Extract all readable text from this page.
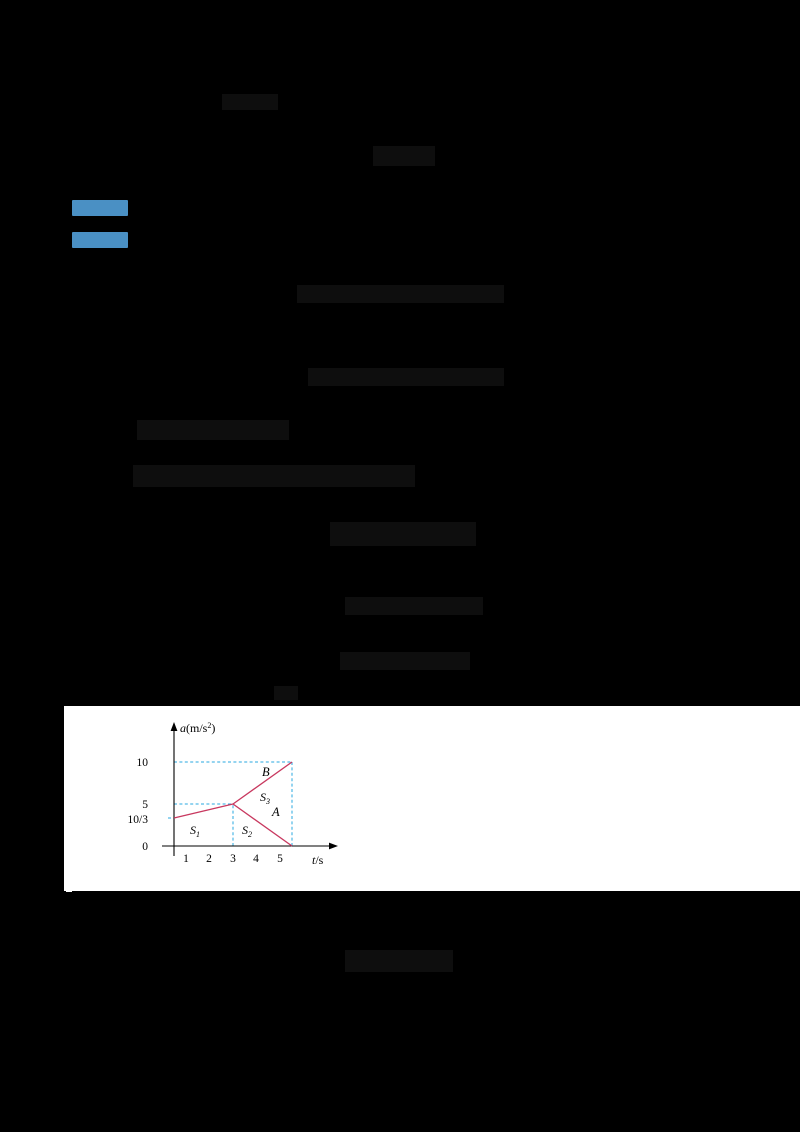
$a(m/s^2)$
t/s
10
5
10/3
0
1 2 3 4 5
$S_1$	$S_2$
$S_3$
B
A
